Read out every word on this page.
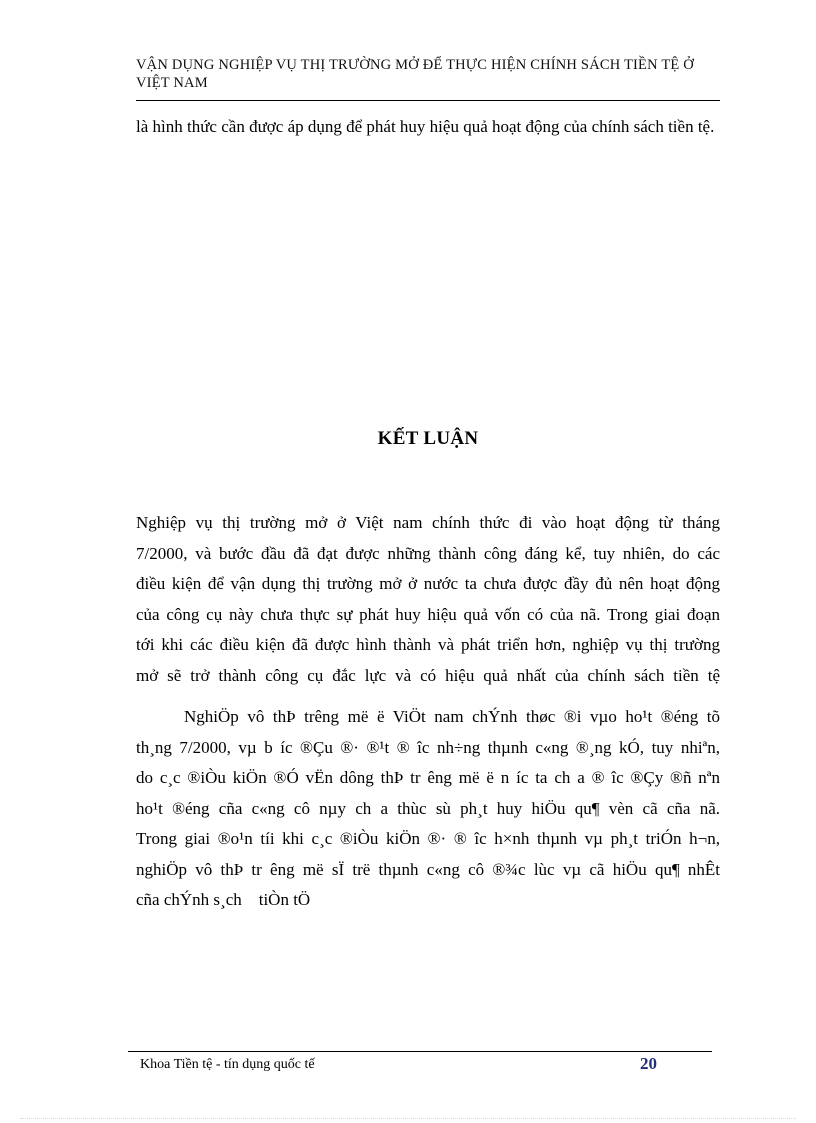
VẬN DỤNG NGHIỆP VỤ THỊ TRƯỜNG MỞ ĐỂ THỰC HIỆN CHÍNH SÁCH TIỀN TỆ Ở VIỆT NAM
là hình thức cần được áp dụng để phát huy hiệu quả hoạt động của chính sách tiền tệ.
KẾT LUẬN
Nghiệp vụ thị trường mở ở Việt nam chính thức đi vào hoạt động từ tháng
7/2000, và bước đầu đã đạt được những thành công đáng kể, tuy nhiên, do các
điều kiện để vận dụng thị trường mở ở nước ta chưa được đầy đủ nên hoạt động
của công cụ này chưa thực sự phát huy hiệu quả vốn có của nã. Trong giai đoạn
tới khi các điều kiện đã được hình thành và phát triển hơn, nghiệp vụ thị trường
mở sẽ trở thành công cụ đắc lực và có hiệu quả nhất của chính sách tiền tệ
NghiÖp vô thÞ trêng më ë ViÖt nam chÝnh thøc ®i vµo ho¹t ®éng tõ
th¸ng 7/2000, vµ b íc ®Çu ®· ®¹t ® îc nh÷ng thµnh c«ng ®¸ng kÓ, tuy nhiªn,
do c¸c ®iÒu kiÖn ®Ó vËn dông thÞ tr êng më ë n íc ta ch a ® îc ®Çy ®ñ nªn
ho¹t ®éng cña c«ng cô nµy ch a thùc sù ph¸t huy hiÖu qu¶ vèn cã cña nã.
Trong giai ®o¹n tíi khi c¸c ®iÒu kiÖn ®· ® îc h×nh thµnh vµ ph¸t triÓn h¬n,
nghiÖp vô thÞ tr êng më sÏ trë thµnh c«ng cô ®¾c lùc vµ cã hiÖu qu¶ nhÊt
cña chÝnh s¸ch    tiÒn tÖ
Khoa Tiền tệ - tín dụng quốc tế	20
